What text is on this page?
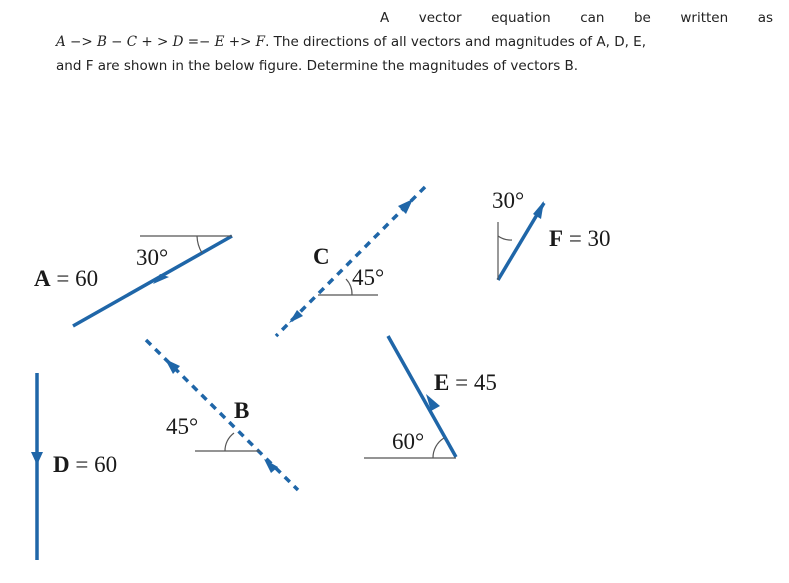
A vector equation can be written as
A −> B − C + > D =− E +> F. The directions of all vectors and magnitudes of A, D, E,
and F are shown in the below figure. Determine the magnitudes of vectors B.
30°
A = 60
C
45°
30°
F = 30
45°
B
60°
E = 45
D = 60
